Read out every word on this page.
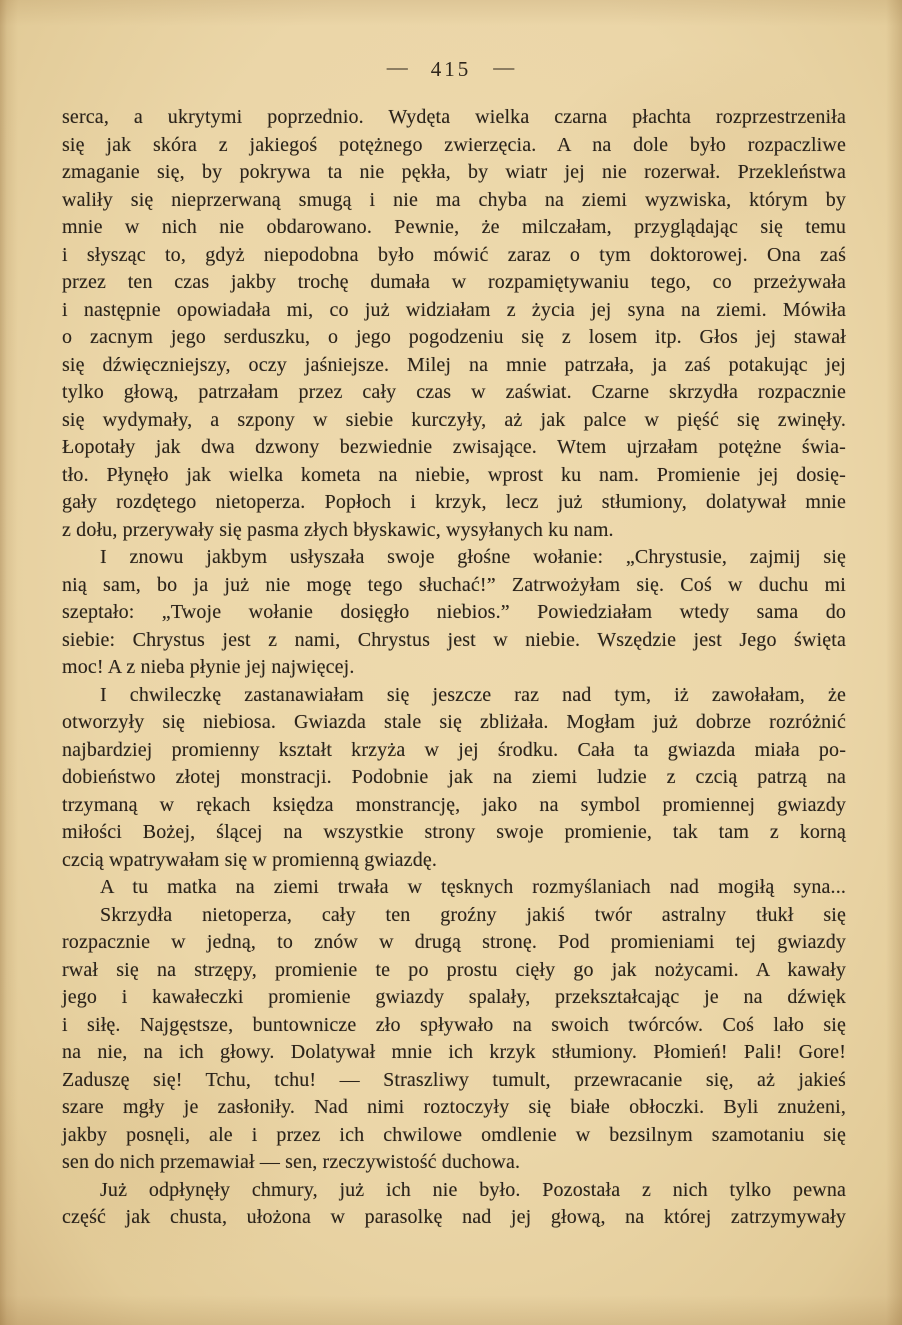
— 415 —
serca, a ukrytymi poprzednio. Wydęta wielka czarna płachta rozprzestrzeniła
się jak skóra z jakiegoś potężnego zwierzęcia. A na dole było rozpaczliwe
zmaganie się, by pokrywa ta nie pękła, by wiatr jej nie rozerwał. Przekleństwa
waliły się nieprzerwaną smugą i nie ma chyba na ziemi wyzwiska, którym by
mnie w nich nie obdarowano. Pewnie, że milczałam, przyglądając się temu
i słysząc to, gdyż niepodobna było mówić zaraz o tym doktorowej. Ona zaś
przez ten czas jakby trochę dumała w rozpamiętywaniu tego, co przeżywała
i następnie opowiadała mi, co już widziałam z życia jej syna na ziemi. Mówiła
o zacnym jego serduszku, o jego pogodzeniu się z losem itp. Głos jej stawał
się dźwięczniejszy, oczy jaśniejsze. Milej na mnie patrzała, ja zaś potakując jej
tylko głową, patrzałam przez cały czas w zaświat. Czarne skrzydła rozpacznie
się wydymały, a szpony w siebie kurczyły, aż jak palce w pięść się zwinęły.
Łopotały jak dwa dzwony bezwiednie zwisające. Wtem ujrzałam potężne świa-
tło. Płynęło jak wielka kometa na niebie, wprost ku nam. Promienie jej dosię-
gały rozdętego nietoperza. Popłoch i krzyk, lecz już stłumiony, dolatywał mnie
z dołu, przerywały się pasma złych błyskawic, wysyłanych ku nam.
I znowu jakbym usłyszała swoje głośne wołanie: „Chrystusie, zajmij się
nią sam, bo ja już nie mogę tego słuchać!” Zatrwożyłam się. Coś w duchu mi
szeptało: „Twoje wołanie dosięgło niebios.” Powiedziałam wtedy sama do
siebie: Chrystus jest z nami, Chrystus jest w niebie. Wszędzie jest Jego święta
moc! A z nieba płynie jej najwięcej.
I chwileczkę zastanawiałam się jeszcze raz nad tym, iż zawołałam, że
otworzyły się niebiosa. Gwiazda stale się zbliżała. Mogłam już dobrze rozróżnić
najbardziej promienny kształt krzyża w jej środku. Cała ta gwiazda miała po-
dobieństwo złotej monstracji. Podobnie jak na ziemi ludzie z czcią patrzą na
trzymaną w rękach księdza monstrancję, jako na symbol promiennej gwiazdy
miłości Bożej, ślącej na wszystkie strony swoje promienie, tak tam z korną
czcią wpatrywałam się w promienną gwiazdę.
A tu matka na ziemi trwała w tęsknych rozmyślaniach nad mogiłą syna...
Skrzydła nietoperza, cały ten groźny jakiś twór astralny tłukł się
rozpacznie w jedną, to znów w drugą stronę. Pod promieniami tej gwiazdy
rwał się na strzępy, promienie te po prostu cięły go jak nożycami. A kawały
jego i kawałeczki promienie gwiazdy spalały, przekształcając je na dźwięk
i siłę. Najgęstsze, buntownicze zło spływało na swoich twórców. Coś lało się
na nie, na ich głowy. Dolatywał mnie ich krzyk stłumiony. Płomień! Pali! Gore!
Zaduszę się! Tchu, tchu! — Straszliwy tumult, przewracanie się, aż jakieś
szare mgły je zasłoniły. Nad nimi roztoczyły się białe obłoczki. Byli znużeni,
jakby posnęli, ale i przez ich chwilowe omdlenie w bezsilnym szamotaniu się
sen do nich przemawiał — sen, rzeczywistość duchowa.
Już odpłynęły chmury, już ich nie było. Pozostała z nich tylko pewna
część jak chusta, ułożona w parasolkę nad jej głową, na której zatrzymywały
